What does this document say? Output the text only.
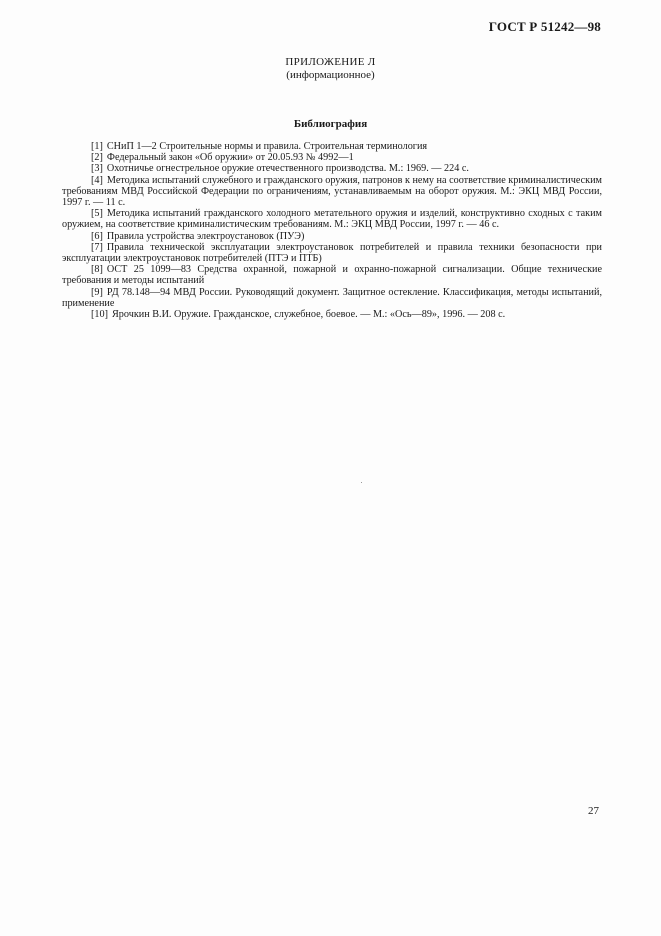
ГОСТ Р 51242—98
ПРИЛОЖЕНИЕ Л
(информационное)
Библиография

[1] СНиП 1—2 Строительные нормы и правила. Строительная терминология

[2] Федеральный закон «Об оружии» от 20.05.93 № 4992—1

[3] Охотничье огнестрельное оружие отечественного производства. М.: 1969. — 224 с.

[4] Методика испытаний служебного и гражданского оружия, патронов к нему на соответствие криминалистическим требованиям МВД Российской Федерации по ограничениям, устанавливаемым на оборот оружия. М.: ЭКЦ МВД России, 1997 г. — 11 с.

[5] Методика испытаний гражданского холодного метательного оружия и изделий, конструктивно сходных с таким оружием, на соответствие криминалистическим требованиям. М.: ЭКЦ МВД России, 1997 г. — 46 с.

[6] Правила устройства электроустановок (ПУЭ)

[7] Правила технической эксплуатации электроустановок потребителей и правила техники безопасности при эксплуатации электроустановок потребителей (ПТЭ и ПТБ)

[8] ОСТ 25 1099—83 Средства охранной, пожарной и охранно-пожарной сигнализации. Общие технические требования и методы испытаний

[9] РД 78.148—94 МВД России. Руководящий документ. Защитное остекление. Классификация, методы испытаний, применение

[10] Ярочкин В.И. Оружие. Гражданское, служебное, боевое. — М.: «Ось—89», 1996. — 208 с.

27
